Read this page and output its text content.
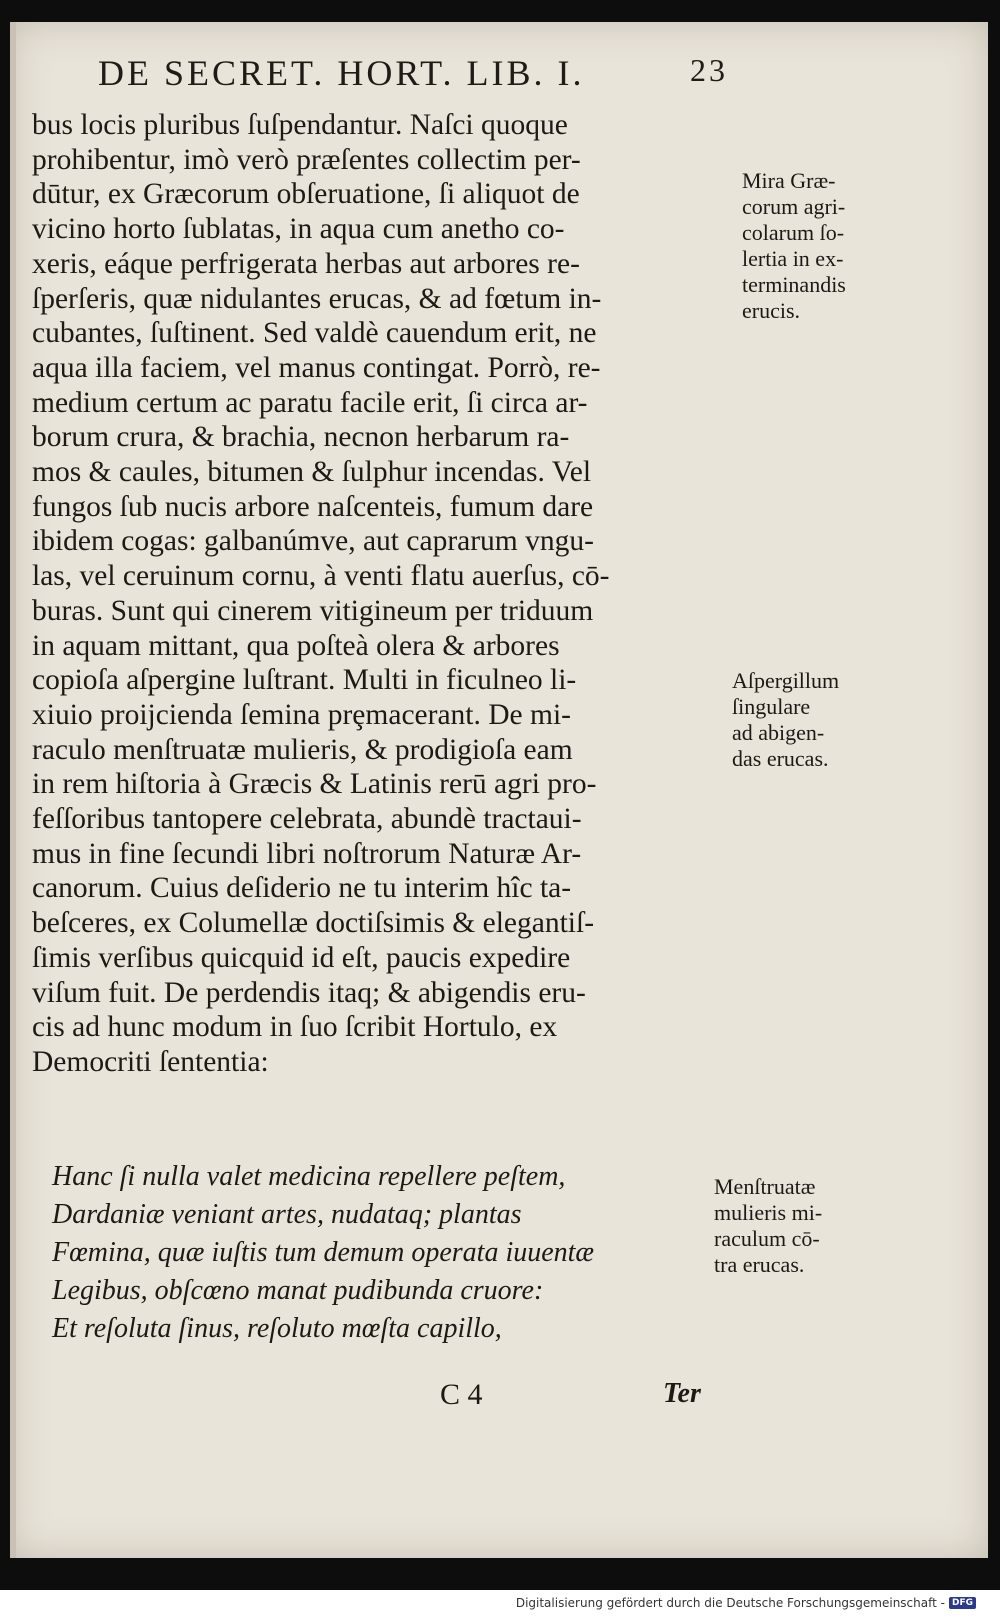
DE SECRET. HORT. LIB. I.	23
bus locis pluribus ſuſpendantur. Naſci quoque
prohibentur, imò verò præſentes collectim per-
dūtur, ex Græcorum obſeruatione, ſi aliquot de
vicino horto ſublatas, in aqua cum anetho co-
xeris, eáque perfrigerata herbas aut arbores re-
ſperſeris, quæ nidulantes erucas, & ad fœtum in-
cubantes, ſuſtinent. Sed valdè cauendum erit, ne
aqua illa faciem, vel manus contingat. Porrò, re-
medium certum ac paratu facile erit, ſi circa ar-
borum crura, & brachia, necnon herbarum ra-
mos & caules, bitumen & ſulphur incendas. Vel
fungos ſub nucis arbore naſcenteis, fumum dare
ibidem cogas: galbanúmve, aut caprarum vngu-
las, vel ceruinum cornu, à venti flatu auerſus, cō-
buras. Sunt qui cinerem vitigineum per triduum
in aquam mittant, qua poſteà olera & arbores
copioſa aſpergine luſtrant. Multi in ficulneo li-
xiuio proijcienda ſemina prȩmacerant. De mi-
raculo menſtruatæ mulieris, & prodigioſa eam
in rem hiſtoria à Græcis & Latinis rerū agri pro-
feſſoribus tantopere celebrata, abundè tractaui-
mus in fine ſecundi libri noſtrorum Naturæ Ar-
canorum. Cuius deſiderio ne tu interim hîc ta-
beſceres, ex Columellæ doctiſsimis & elegantiſ-
ſimis verſibus quicquid id eſt, paucis expedire
viſum fuit. De perdendis itaq; & abigendis eru-
cis ad hunc modum in ſuo ſcribit Hortulo, ex
Democriti ſententia:
Mira Græ-
corum agri-
colarum ſo-
lertia in ex-
terminandis
erucis.
Aſpergillum
ſingulare
ad abigen-
das erucas.
Menſtruatæ
mulieris mi-
raculum cō-
tra erucas.
Hanc ſi nulla valet medicina repellere peſtem,
Dardaniæ veniant artes, nudataq; plantas
Fœmina, quæ iuſtis tum demum operata iuuentæ
Legibus, obſcœno manat pudibunda cruore:
Et reſoluta ſinus, reſoluto mœſta capillo,
C 4	Ter
Digitalisierung gefördert durch die Deutsche Forschungsgemeinschaft - DFG
